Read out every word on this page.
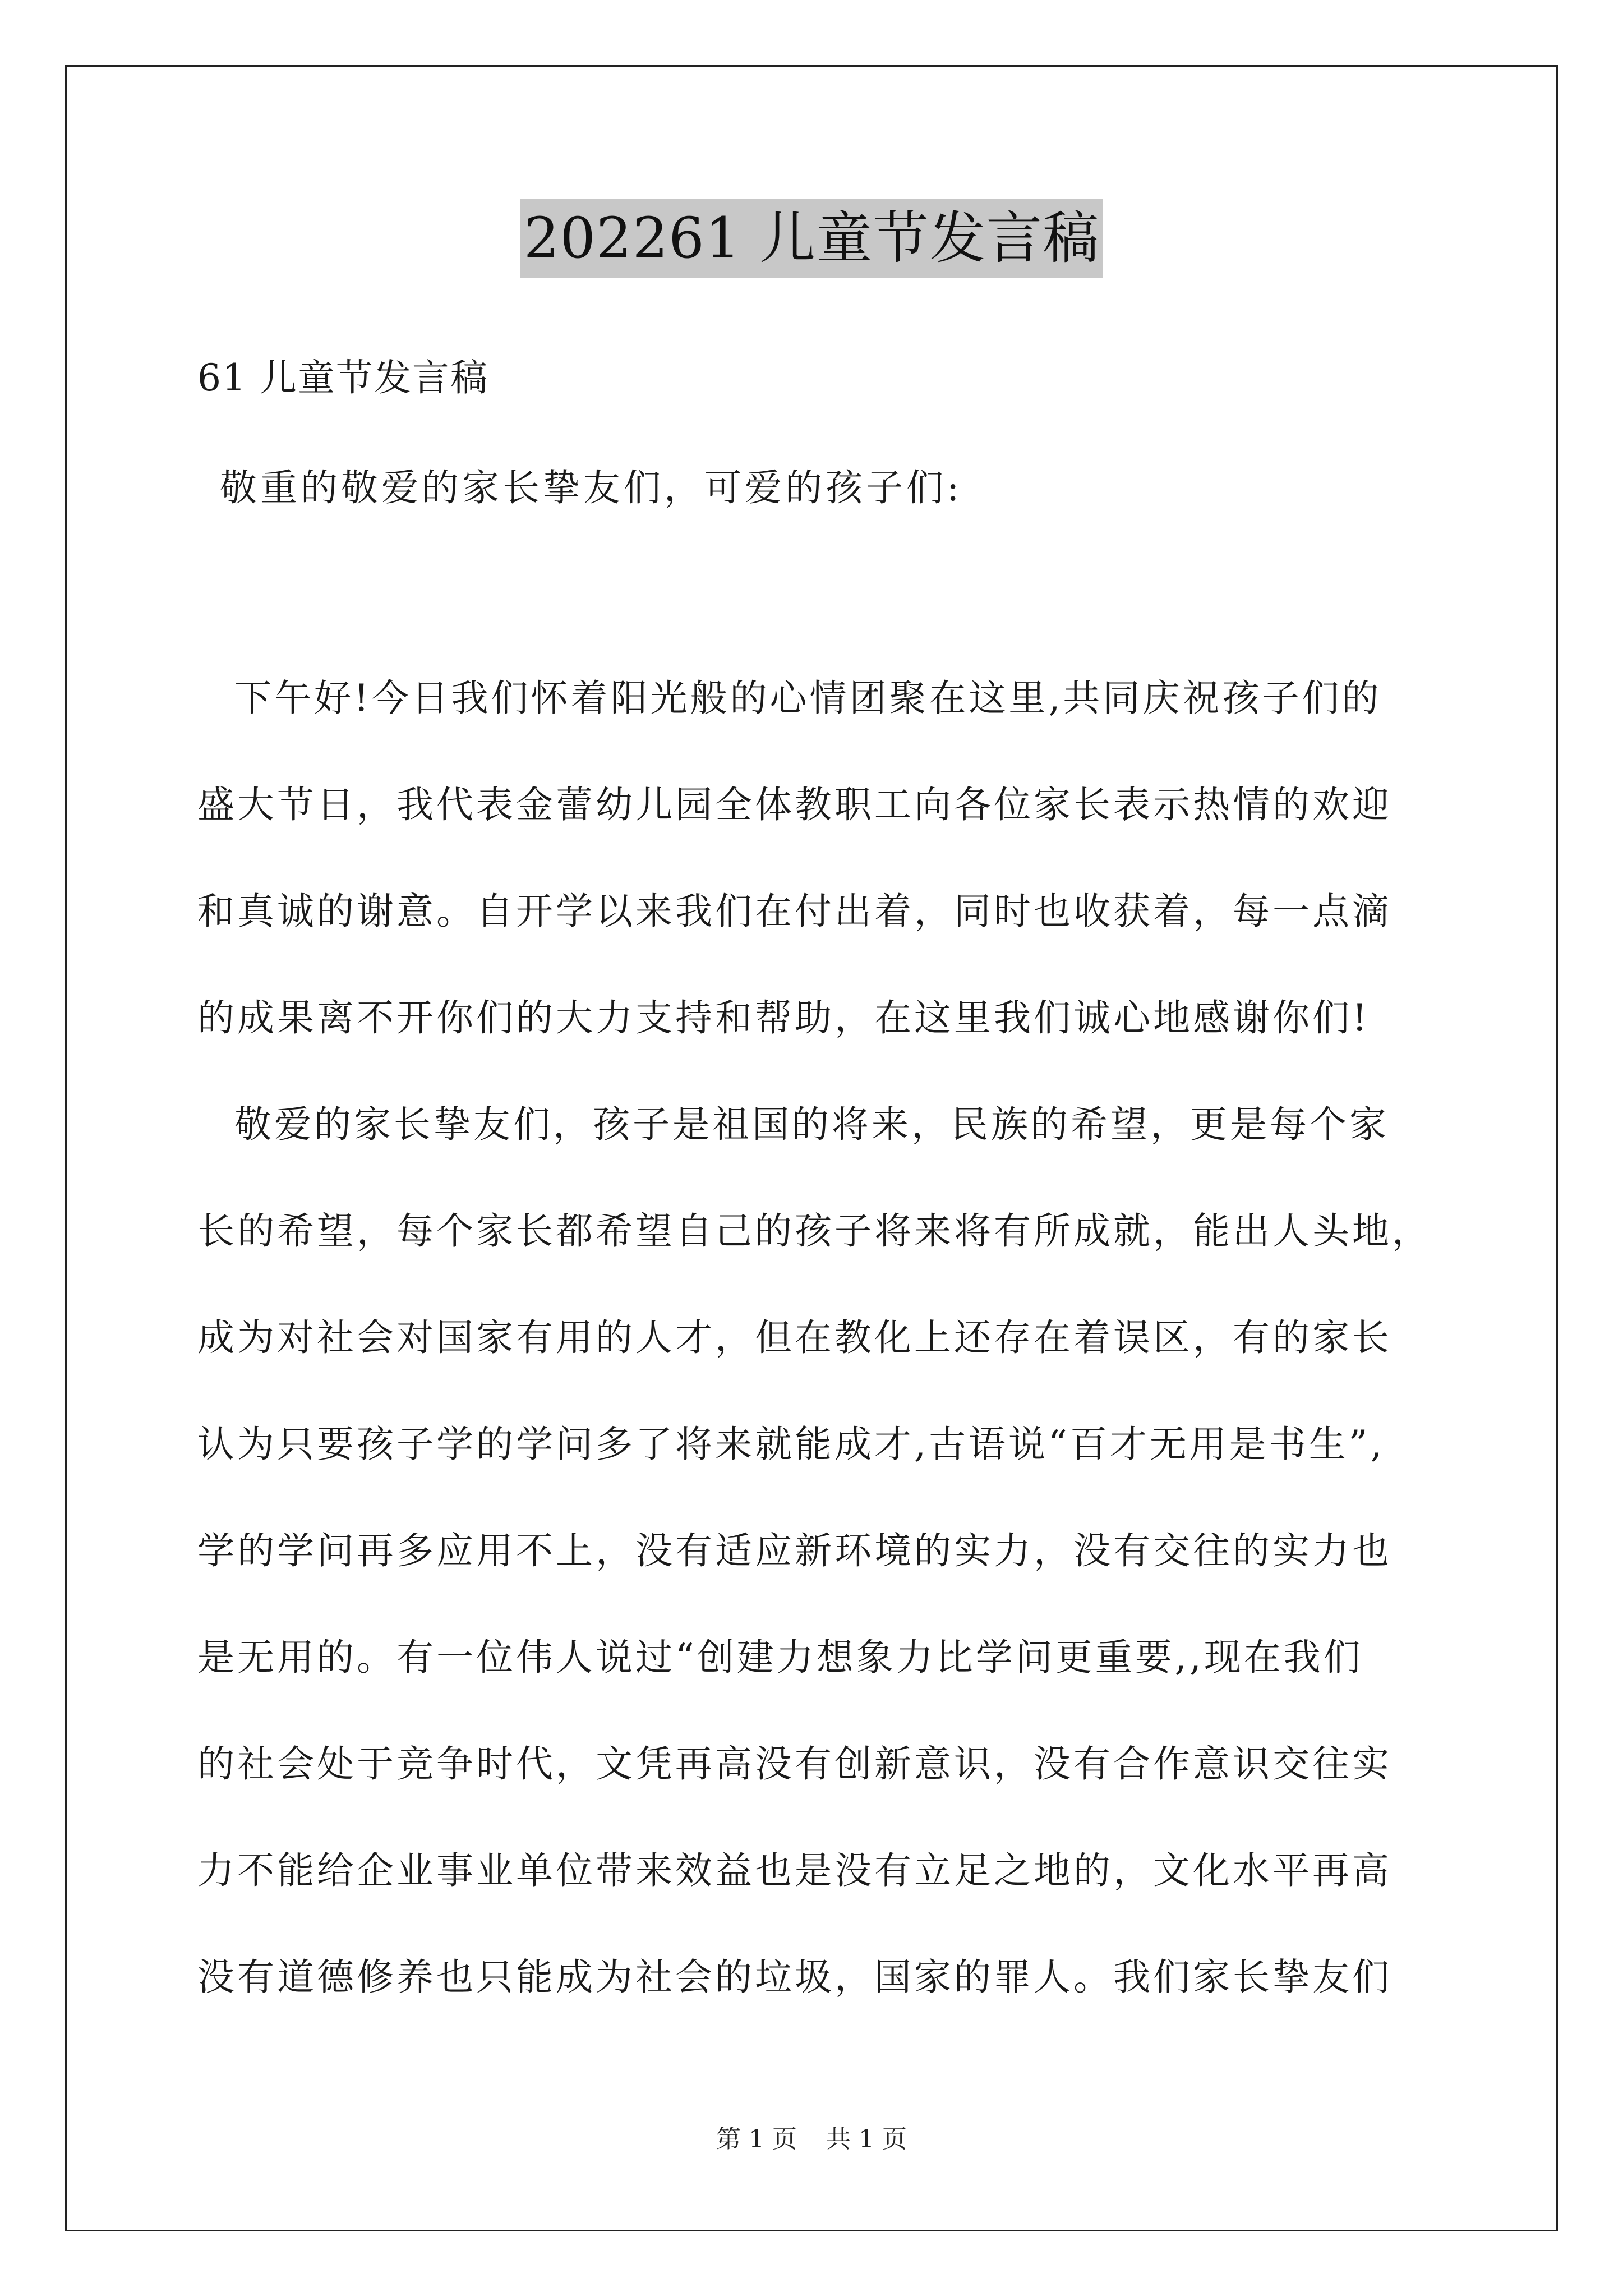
202261 儿童节发言稿
61 儿童节发言稿
敬重的敬爱的家长挚友们，可爱的孩子们:
下午好!今日我们怀着阳光般的心情团聚在这里,共同庆祝孩子们的
盛大节日，我代表金蕾幼儿园全体教职工向各位家长表示热情的欢迎
和真诚的谢意。自开学以来我们在付出着，同时也收获着，每一点滴
的成果离不开你们的大力支持和帮助，在这里我们诚心地感谢你们!
敬爱的家长挚友们，孩子是祖国的将来，民族的希望，更是每个家
长的希望，每个家长都希望自己的孩子将来将有所成就，能出人头地，
成为对社会对国家有用的人才，但在教化上还存在着误区，有的家长
认为只要孩子学的学问多了将来就能成才,古语说“百才无用是书生”,
学的学问再多应用不上，没有适应新环境的实力，没有交往的实力也
是无用的。有一位伟人说过“创建力想象力比学问更重要,,现在我们
的社会处于竞争时代，文凭再高没有创新意识，没有合作意识交往实
力不能给企业事业单位带来效益也是没有立足之地的，文化水平再高
没有道德修养也只能成为社会的垃圾，国家的罪人。我们家长挚友们
第 1 页 共 1 页
